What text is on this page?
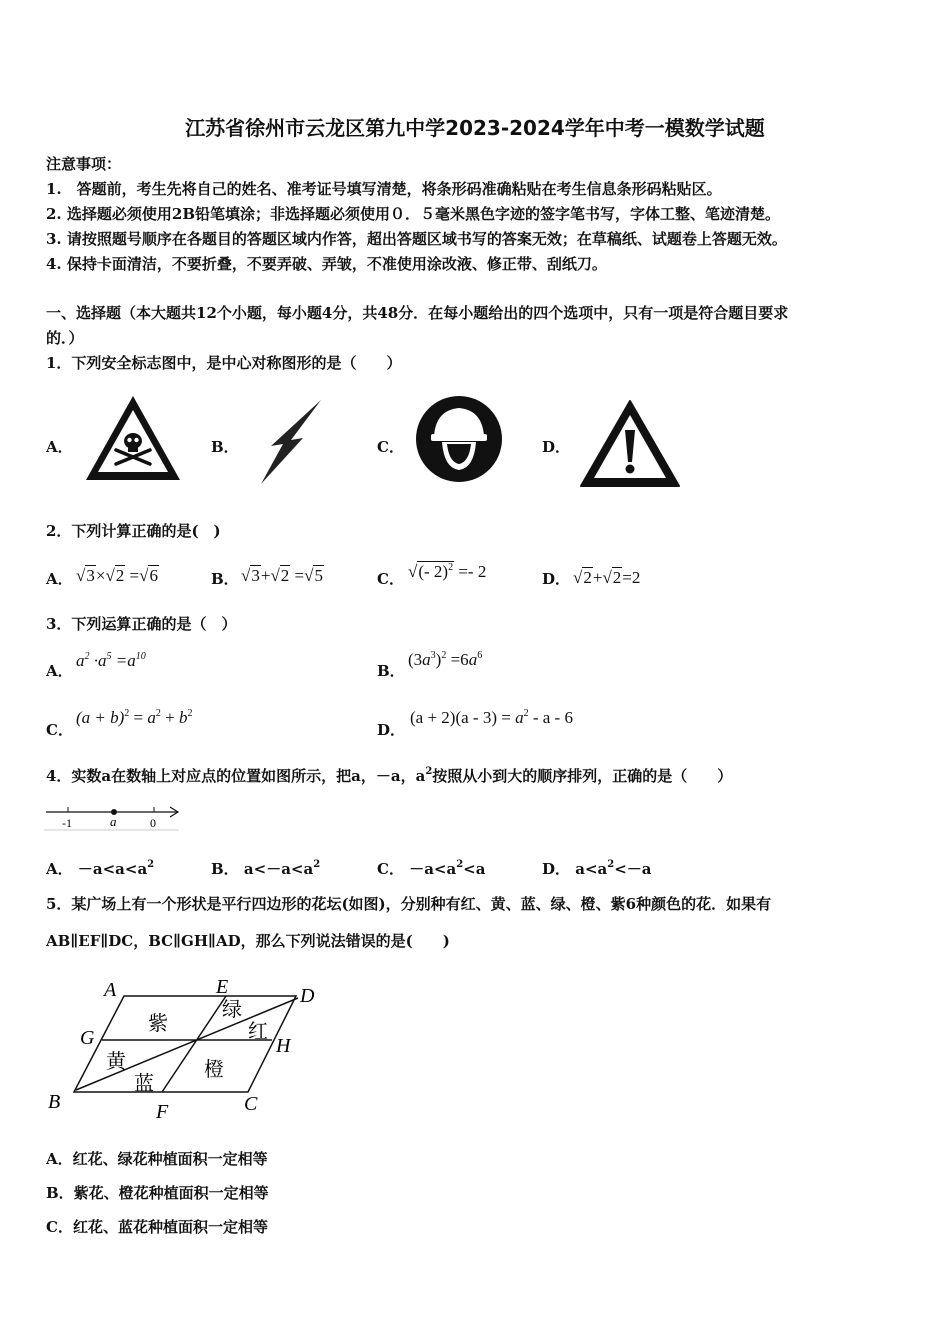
江苏省徐州市云龙区第九中学2023-2024学年中考一模数学试题
注意事项：
1.　答题前，考生先将自己的姓名、准考证号填写清楚，将条形码准确粘贴在考生信息条形码粘贴区。
2. 选择题必须使用2B铅笔填涂；非选择题必须使用０．５毫米黑色字迹的签字笔书写，字体工整、笔迹清楚。
3. 请按照题号顺序在各题目的答题区域内作答，超出答题区域书写的答案无效；在草稿纸、试题卷上答题无效。
4. 保持卡面清洁，不要折叠，不要弄破、弄皱，不准使用涂改液、修正带、刮纸刀。
一、选择题（本大题共12个小题，每小题4分，共48分．在每小题给出的四个选项中，只有一项是符合题目要求
的．）
1．下列安全标志图中，是中心对称图形的是（　　）
A．	B．	C．	D．
2．下列计算正确的是(　)
A． √3×√2 =√6	B． √3+√2 =√5	C． √(- 2)$^2$ =- 2	D． √2+√2=2
3．下列运算正确的是（　）
A．
$a^2 \cdot a^5 =a^{10}$
B．
$(3a^3)^2 =6a^6$
C．
$(a + b)^2 = a^2 + b^2$
D．
$(a + 2)(a - 3) = a^2 - a - 6$
4．实数a在数轴上对应点的位置如图所示，把a，－a，$a^2$按照从小到大的顺序排列，正确的是（　　）
-1	a	0
A． $-a<a<a^2$	B． $a<-a<a^2$	C． $-a<a^2<a$	D． $a<a^2<-a$
5．某广场上有一个形状是平行四边形的花坛(如图)，分别种有红、黄、蓝、绿、橙、紫6种颜色的花．如果有
AB∥EF∥DC，BC∥GH∥AD，那么下列说法错误的是(　　)
A	E	D
G	H
B	F	C
紫
绿
红
黄
蓝
橙
A．红花、绿花种植面积一定相等
B．紫花、橙花种植面积一定相等
C．红花、蓝花种植面积一定相等
